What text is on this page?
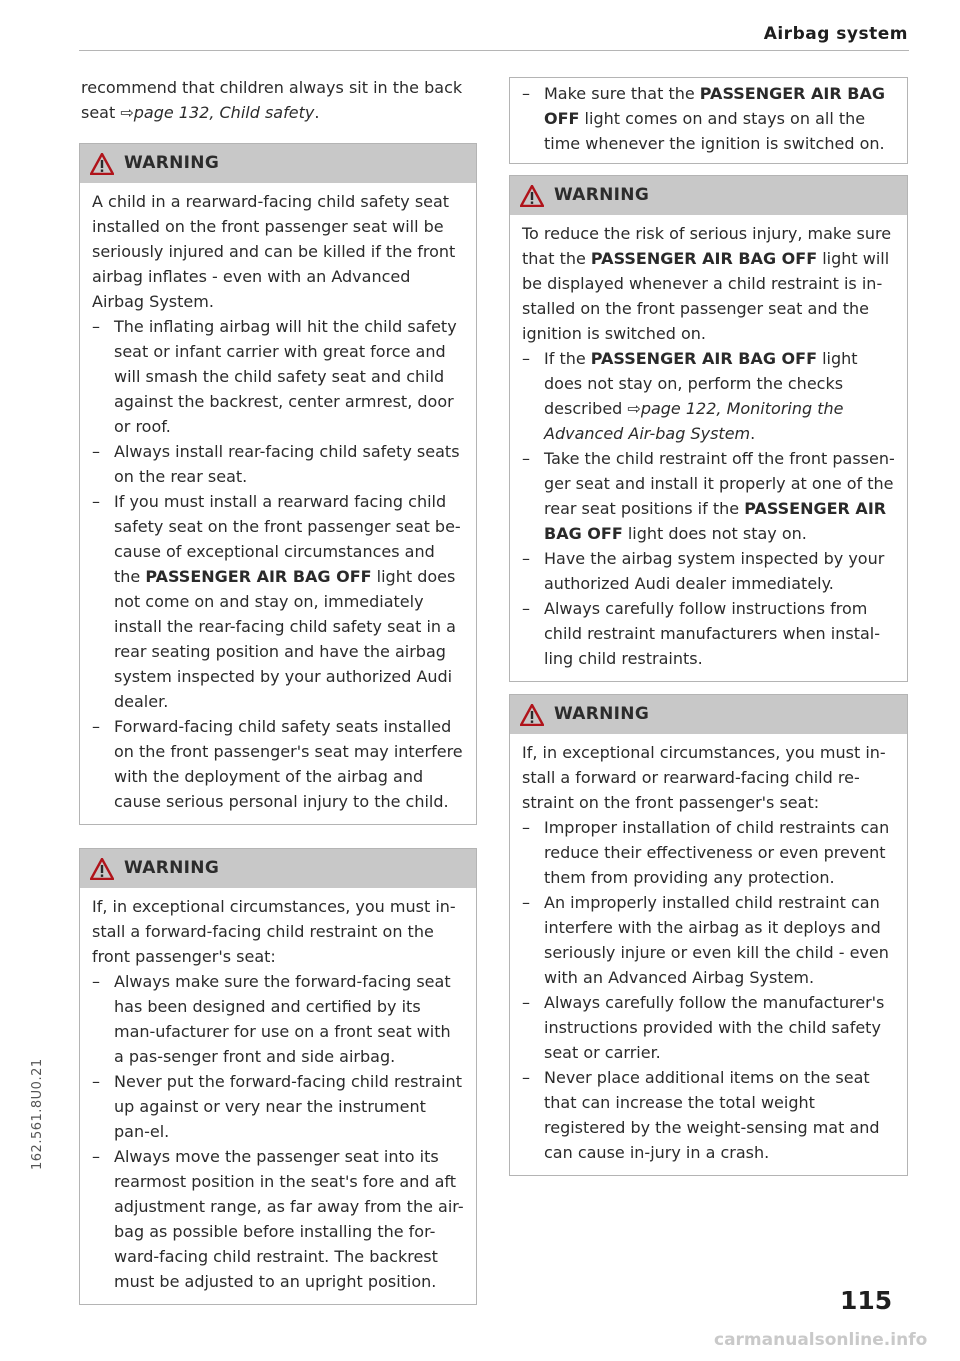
Airbag system

recommend that children always sit in the back seat ⇨page 132, Child safety.

WARNING

A child in a rearward-facing child safety seat installed on the front passenger seat will be seriously injured and can be killed if the front airbag inflates - even with an Advanced Airbag System.

– The inflating airbag will hit the child safety seat or infant carrier with great force and will smash the child safety seat and child against the backrest, center armrest, door or roof.
– Always install rear-facing child safety seats on the rear seat.
– If you must install a rearward facing child safety seat on the front passenger seat be-cause of exceptional circumstances and the PASSENGER AIR BAG OFF light does not come on and stay on, immediately install the rear-facing child safety seat in a rear seating position and have the airbag system inspected by your authorized Audi dealer.
– Forward-facing child safety seats installed on the front passenger's seat may interfere with the deployment of the airbag and cause serious personal injury to the child.
WARNING

If, in exceptional circumstances, you must in-stall a forward-facing child restraint on the front passenger's seat:

– Always make sure the forward-facing seat has been designed and certified by its man-ufacturer for use on a front seat with a pas-senger front and side airbag.
– Never put the forward-facing child restraint up against or very near the instrument pan-el.
– Always move the passenger seat into its rearmost position in the seat's fore and aft adjustment range, as far away from the air-bag as possible before installing the for-ward-facing child restraint. The backrest must be adjusted to an upright position.
– Make sure that the PASSENGER AIR BAG OFF light comes on and stays on all the time whenever the ignition is switched on.
WARNING

To reduce the risk of serious injury, make sure that the PASSENGER AIR BAG OFF light will be displayed whenever a child restraint is in-stalled on the front passenger seat and the ignition is switched on.

– If the PASSENGER AIR BAG OFF light does not stay on, perform the checks described ⇨page 122, Monitoring the Advanced Air-bag System.
– Take the child restraint off the front passen-ger seat and install it properly at one of the rear seat positions if the PASSENGER AIR BAG OFF light does not stay on.
– Have the airbag system inspected by your authorized Audi dealer immediately.
– Always carefully follow instructions from child restraint manufacturers when instal-ling child restraints.
WARNING

If, in exceptional circumstances, you must in-stall a forward or rearward-facing child re-straint on the front passenger's seat:

– Improper installation of child restraints can reduce their effectiveness or even prevent them from providing any protection.
– An improperly installed child restraint can interfere with the airbag as it deploys and seriously injure or even kill the child - even with an Advanced Airbag System.
– Always carefully follow the manufacturer's instructions provided with the child safety seat or carrier.
– Never place additional items on the seat that can increase the total weight registered by the weight-sensing mat and can cause in-jury in a crash.
162.561.8U0.21
115
carmanualsonline.info
